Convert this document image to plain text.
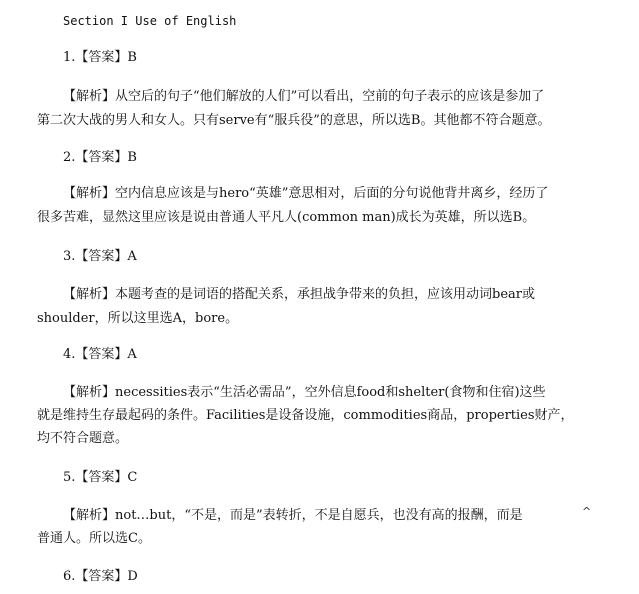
Section I Use of English
1.【答案】B
【解析】从空后的句子“他们解放的人们”可以看出，空前的句子表示的应该是参加了
第二次大战的男人和女人。只有serve有“服兵役”的意思，所以选B。其他都不符合题意。
2.【答案】B
【解析】空内信息应该是与hero“英雄”意思相对，后面的分句说他背井离乡，经历了
很多苦难，显然这里应该是说由普通人平凡人(common man)成长为英雄，所以选B。
3.【答案】A
【解析】本题考查的是词语的搭配关系，承担战争带来的负担，应该用动词bear或
shoulder，所以这里选A，bore。
4.【答案】A
【解析】necessities表示“生活必需品”，空外信息food和shelter(食物和住宿)这些
就是维持生存最起码的条件。Facilities是设备设施，commodities商品，properties财产，
均不符合题意。
5.【答案】C
【解析】not…but，“不是，而是”表转折，不是自愿兵，也没有高的报酬，而是
普通人。所以选C。
6.【答案】D
^
